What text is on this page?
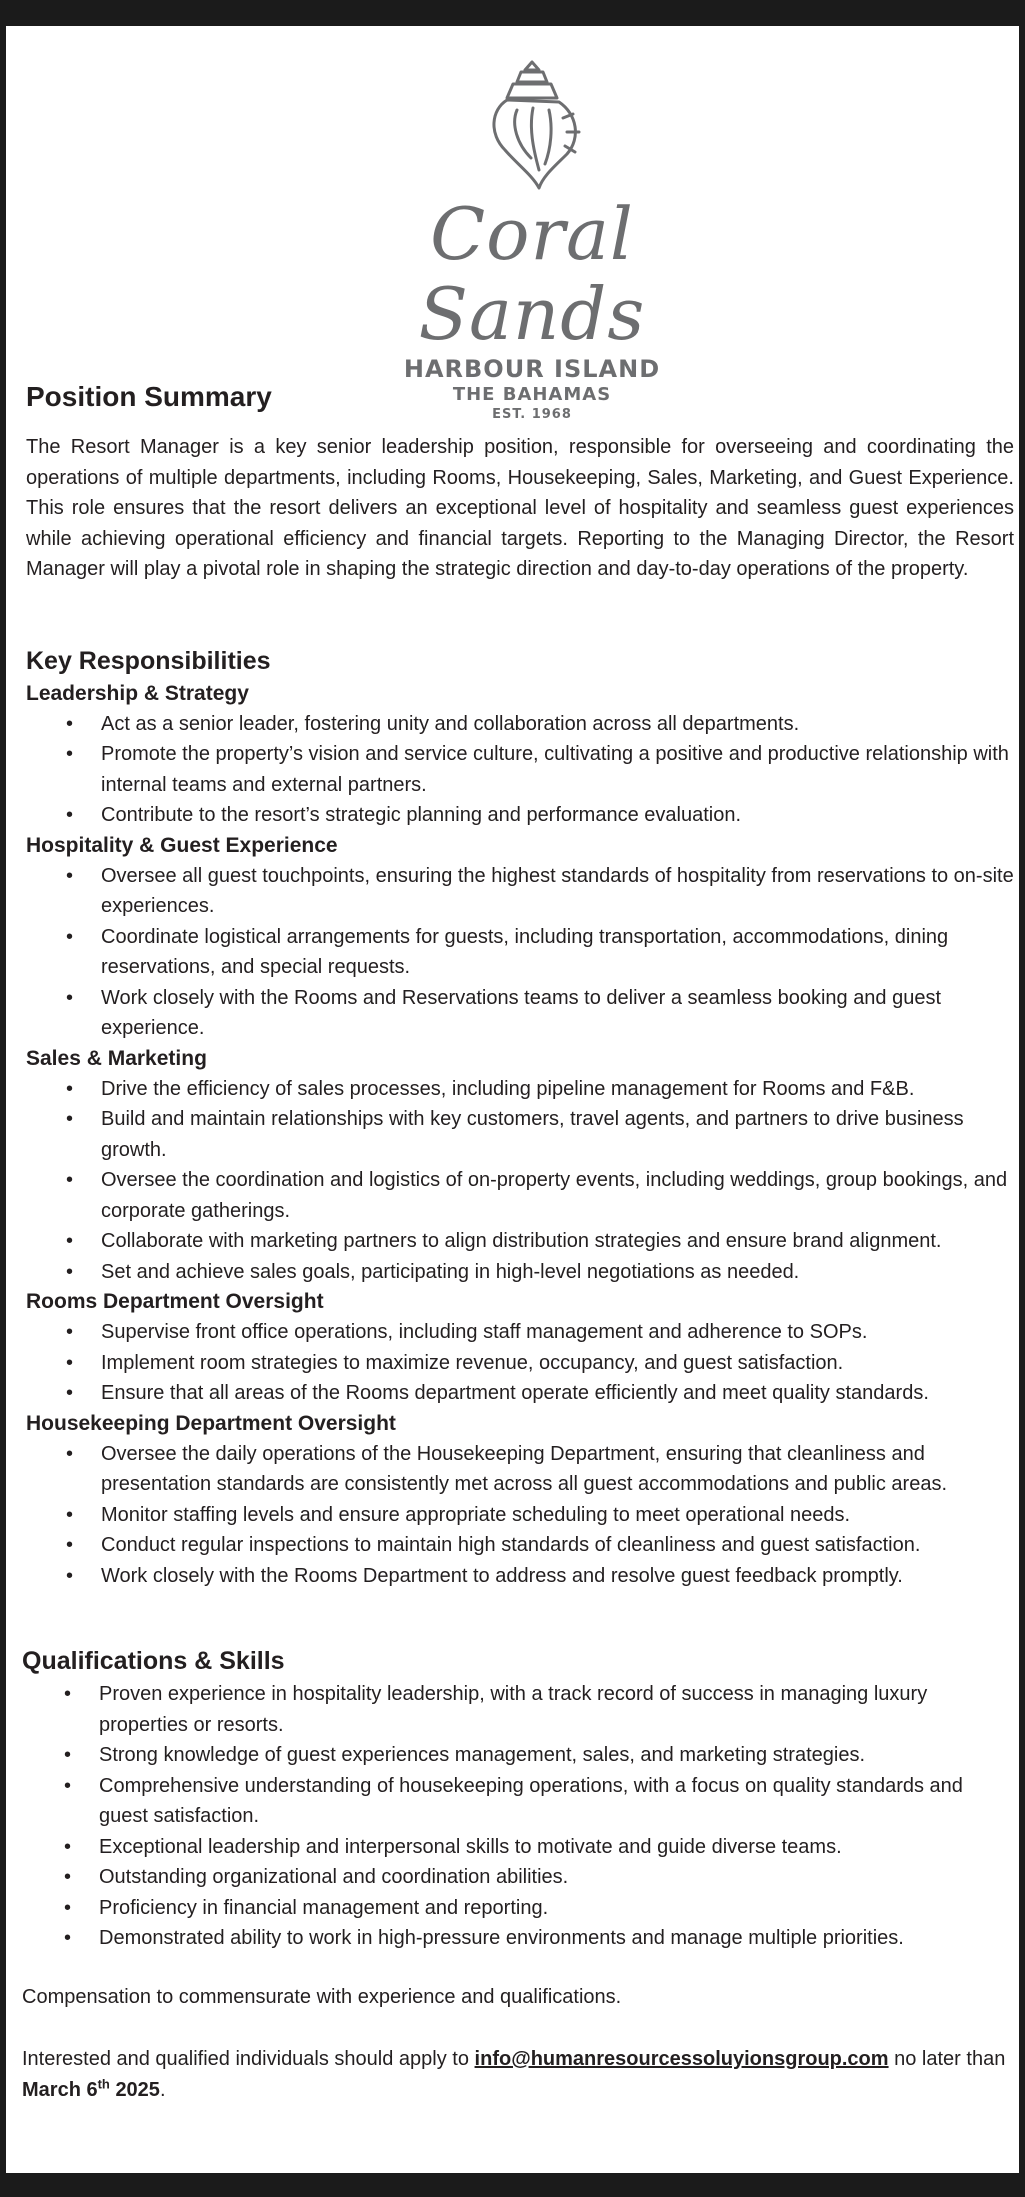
Coral Sands
HARBOUR ISLAND
THE BAHAMAS
EST. 1968
Position Summary

The Resort Manager is a key senior leadership position, responsible for overseeing and coordinating the operations of multiple departments, including Rooms, Housekeeping, Sales, Marketing, and Guest Experience. This role ensures that the resort delivers an exceptional level of hospitality and seamless guest experiences while achieving operational efficiency and financial targets. Reporting to the Managing Director, the Resort Manager will play a pivotal role in shaping the strategic direction and day-to-day operations of the property.

Key Responsibilities
Leadership & Strategy
• Act as a senior leader, fostering unity and collaboration across all departments.
• Promote the property’s vision and service culture, cultivating a positive and productive relationship with internal teams and external partners.
• Contribute to the resort’s strategic planning and performance evaluation.
Hospitality & Guest Experience
• Oversee all guest touchpoints, ensuring the highest standards of hospitality from reservations to on-site experiences.
• Coordinate logistical arrangements for guests, including transportation, accommodations, dining reservations, and special requests.
• Work closely with the Rooms and Reservations teams to deliver a seamless booking and guest experience.
Sales & Marketing
• Drive the efficiency of sales processes, including pipeline management for Rooms and F&B.
• Build and maintain relationships with key customers, travel agents, and partners to drive business growth.
• Oversee the coordination and logistics of on-property events, including weddings, group bookings, and corporate gatherings.
• Collaborate with marketing partners to align distribution strategies and ensure brand alignment.
• Set and achieve sales goals, participating in high-level negotiations as needed.
Rooms Department Oversight
• Supervise front office operations, including staff management and adherence to SOPs.
• Implement room strategies to maximize revenue, occupancy, and guest satisfaction.
• Ensure that all areas of the Rooms department operate efficiently and meet quality standards.
Housekeeping Department Oversight
• Oversee the daily operations of the Housekeeping Department, ensuring that cleanliness and presentation standards are consistently met across all guest accommodations and public areas.
• Monitor staffing levels and ensure appropriate scheduling to meet operational needs.
• Conduct regular inspections to maintain high standards of cleanliness and guest satisfaction.
• Work closely with the Rooms Department to address and resolve guest feedback promptly.
Qualifications & Skills
• Proven experience in hospitality leadership, with a track record of success in managing luxury properties or resorts.
• Strong knowledge of guest experiences management, sales, and marketing strategies.
• Comprehensive understanding of housekeeping operations, with a focus on quality standards and guest satisfaction.
• Exceptional leadership and interpersonal skills to motivate and guide diverse teams.
• Outstanding organizational and coordination abilities.
• Proficiency in financial management and reporting.
• Demonstrated ability to work in high-pressure environments and manage multiple priorities.

Compensation to commensurate with experience and qualifications.

Interested and qualified individuals should apply to info@humanresourcessoluyionsgroup.com no later than March 6th 2025.
